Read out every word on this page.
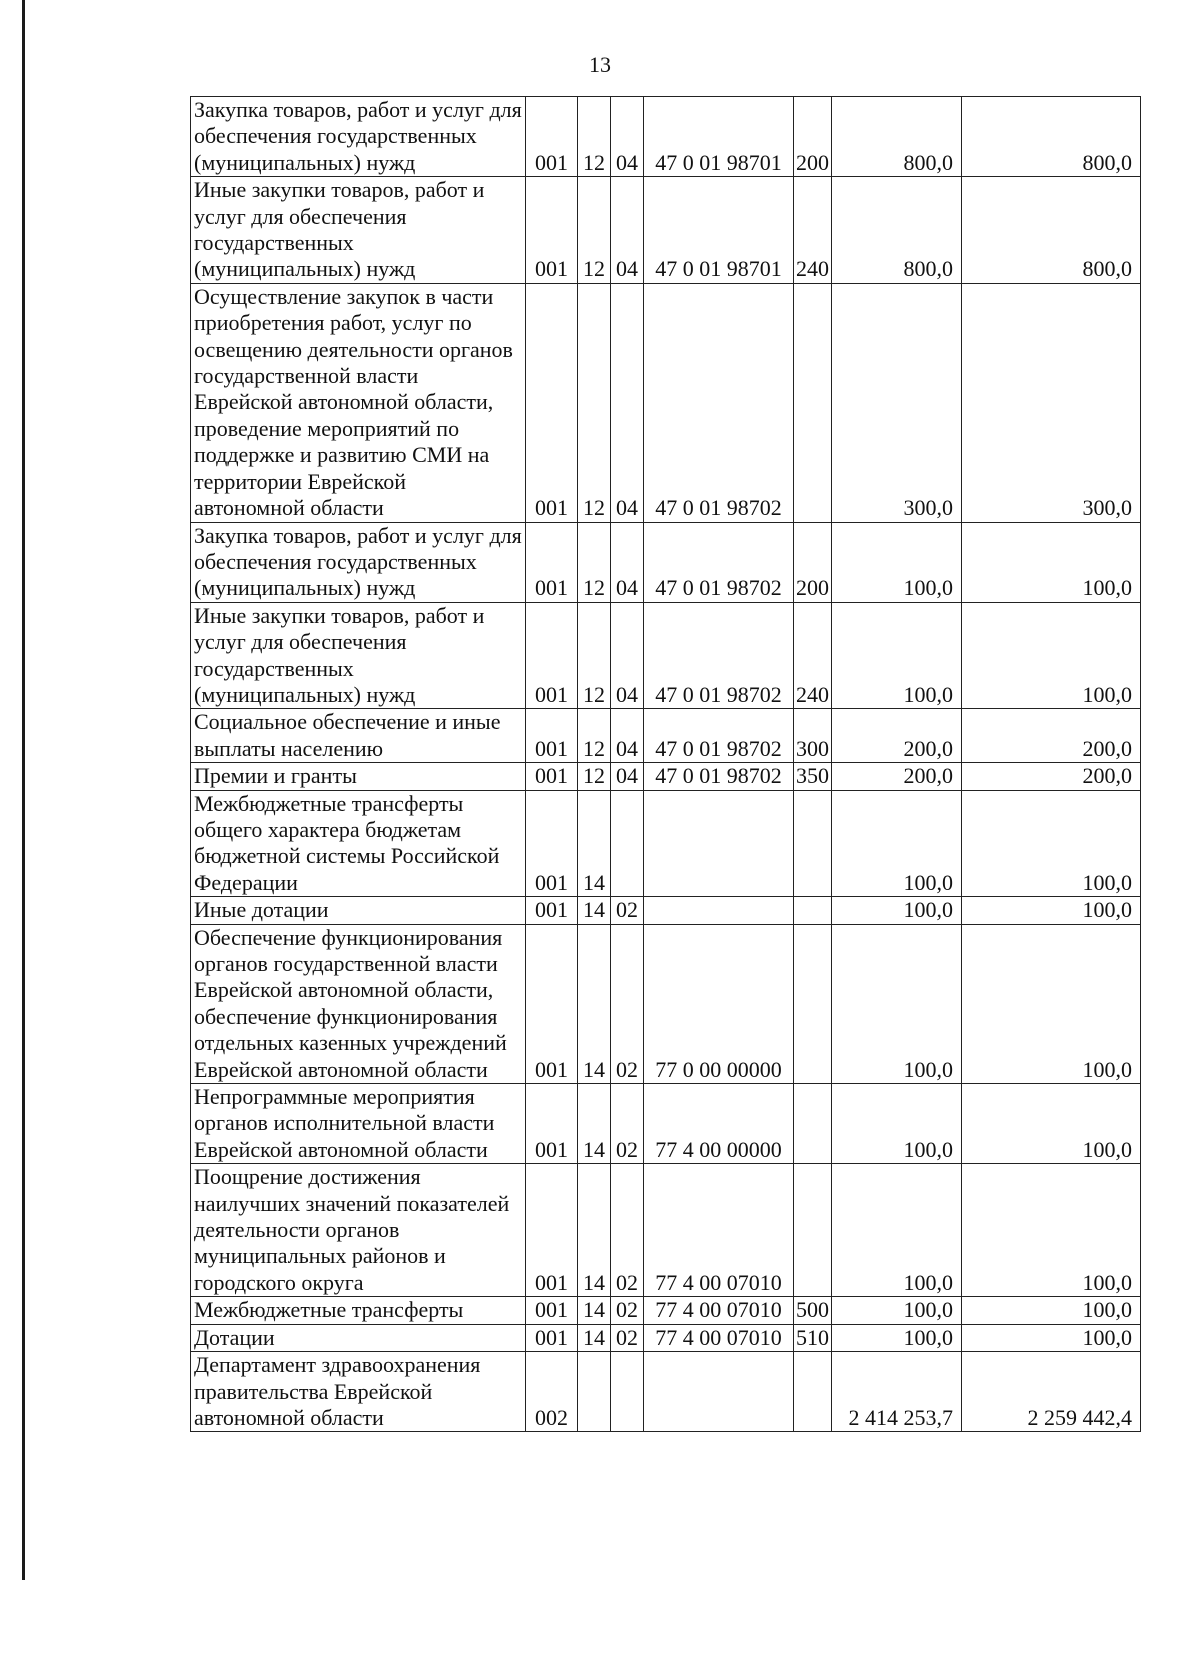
13
Закупка товаров, работ и услуг для обеспечения государственных (муниципальных) нужд	001	12	04	47 0 01 98701	200	800,0	800,0
Иные закупки товаров, работ и услуг для обеспечения государственных (муниципальных) нужд	001	12	04	47 0 01 98701	240	800,0	800,0
Осуществление закупок в части приобретения работ, услуг по освещению деятельности органов государственной власти Еврейской автономной области, проведение мероприятий по поддержке и развитию СМИ на территории Еврейской автономной области	001	12	04	47 0 01 98702		300,0	300,0
Закупка товаров, работ и услуг для обеспечения государственных (муниципальных) нужд	001	12	04	47 0 01 98702	200	100,0	100,0
Иные закупки товаров, работ и услуг для обеспечения государственных (муниципальных) нужд	001	12	04	47 0 01 98702	240	100,0	100,0
Социальное обеспечение и иные выплаты населению	001	12	04	47 0 01 98702	300	200,0	200,0
Премии и гранты	001	12	04	47 0 01 98702	350	200,0	200,0
Межбюджетные трансферты общего характера бюджетам бюджетной системы Российской Федерации	001	14				100,0	100,0
Иные дотации	001	14	02			100,0	100,0
Обеспечение функционирования органов государственной власти Еврейской автономной области, обеспечение функционирования отдельных казенных учреждений Еврейской автономной области	001	14	02	77 0 00 00000		100,0	100,0
Непрограммные мероприятия органов исполнительной власти Еврейской автономной области	001	14	02	77 4 00 00000		100,0	100,0
Поощрение достижения наилучших значений показателей деятельности органов муниципальных районов и городского округа	001	14	02	77 4 00 07010		100,0	100,0
Межбюджетные трансферты	001	14	02	77 4 00 07010	500	100,0	100,0
Дотации	001	14	02	77 4 00 07010	510	100,0	100,0
Департамент здравоохранения правительства Еврейской автономной области	002					2 414 253,7	2 259 442,4
